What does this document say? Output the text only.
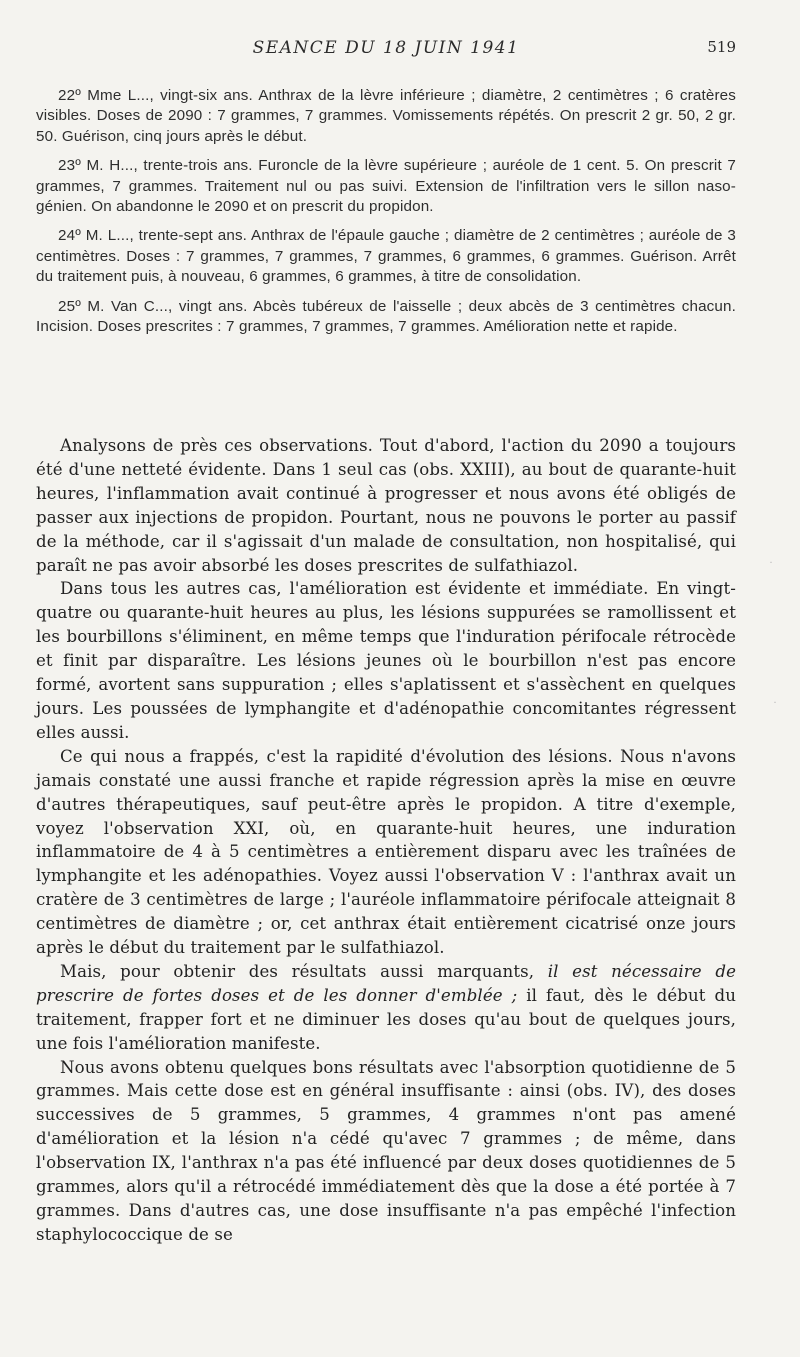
SEANCE DU 18 JUIN 1941	519

22º Mme L..., vingt-six ans. Anthrax de la lèvre inférieure ; diamètre, 2 centimètres ; 6 cratères visibles. Doses de 2090 : 7 grammes, 7 grammes. Vomissements répétés. On prescrit 2 gr. 50, 2 gr. 50. Guérison, cinq jours après le début.

23º M. H..., trente-trois ans. Furoncle de la lèvre supérieure ; auréole de 1 cent. 5. On prescrit 7 grammes, 7 grammes. Traitement nul ou pas suivi. Extension de l'infiltration vers le sillon naso-génien. On abandonne le 2090 et on prescrit du propidon.

24º M. L..., trente-sept ans. Anthrax de l'épaule gauche ; diamètre de 2 centimètres ; auréole de 3 centimètres. Doses : 7 grammes, 7 grammes, 7 grammes, 6 grammes, 6 grammes. Guérison. Arrêt du traitement puis, à nouveau, 6 grammes, 6 grammes, à titre de consolidation.

25º M. Van C..., vingt ans. Abcès tubéreux de l'aisselle ; deux abcès de 3 centimètres chacun. Incision. Doses prescrites : 7 grammes, 7 grammes, 7 grammes. Amélioration nette et rapide.

Analysons de près ces observations. Tout d'abord, l'action du 2090 a toujours été d'une netteté évidente. Dans 1 seul cas (obs. XXIII), au bout de quarante-huit heures, l'inflammation avait continué à progresser et nous avons été obligés de passer aux injections de propidon. Pourtant, nous ne pouvons le porter au passif de la méthode, car il s'agissait d'un malade de consultation, non hospitalisé, qui paraît ne pas avoir absorbé les doses prescrites de sulfathiazol.

Dans tous les autres cas, l'amélioration est évidente et immédiate. En vingt-quatre ou quarante-huit heures au plus, les lésions suppurées se ramollissent et les bourbillons s'éliminent, en même temps que l'induration périfocale rétrocède et finit par disparaître. Les lésions jeunes où le bourbillon n'est pas encore formé, avortent sans suppuration ; elles s'aplatissent et s'assèchent en quelques jours. Les poussées de lymphangite et d'adénopathie concomitantes régressent elles aussi.

Ce qui nous a frappés, c'est la rapidité d'évolution des lésions. Nous n'avons jamais constaté une aussi franche et rapide régression après la mise en œuvre d'autres thérapeutiques, sauf peut-être après le propidon. A titre d'exemple, voyez l'observation XXI, où, en quarante-huit heures, une induration inflammatoire de 4 à 5 centimètres a entièrement disparu avec les traînées de lymphangite et les adénopathies. Voyez aussi l'observation V : l'anthrax avait un cratère de 3 centimètres de large ; l'auréole inflammatoire périfocale atteignait 8 centimètres de diamètre ; or, cet anthrax était entièrement cicatrisé onze jours après le début du traitement par le sulfathiazol.

Mais, pour obtenir des résultats aussi marquants, il est nécessaire de prescrire de fortes doses et de les donner d'emblée ; il faut, dès le début du traitement, frapper fort et ne diminuer les doses qu'au bout de quelques jours, une fois l'amélioration manifeste.

Nous avons obtenu quelques bons résultats avec l'absorption quotidienne de 5 grammes. Mais cette dose est en général insuffisante : ainsi (obs. IV), des doses successives de 5 grammes, 5 grammes, 4 grammes n'ont pas amené d'amélioration et la lésion n'a cédé qu'avec 7 grammes ; de même, dans l'observation IX, l'anthrax n'a pas été influencé par deux doses quotidiennes de 5 grammes, alors qu'il a rétrocédé immédiatement dès que la dose a été portée à 7 grammes. Dans d'autres cas, une dose insuffisante n'a pas empêché l'infection staphylococcique de se

˙
˙
